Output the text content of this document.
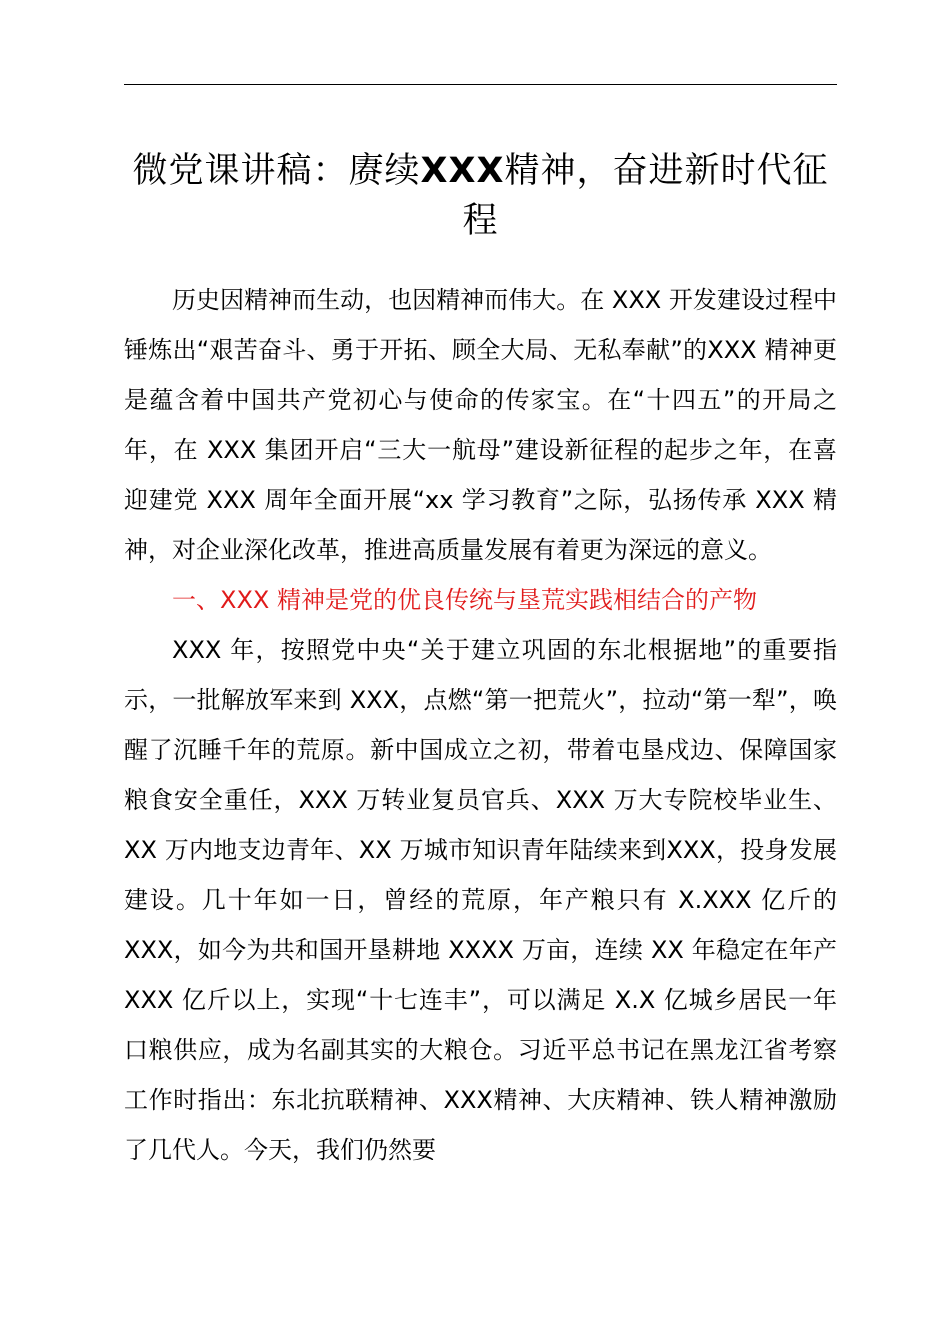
微党课讲稿：赓续XXX精神，奋进新时代征程

历史因精神而生动，也因精神而伟大。在 XXX 开发建设过程中锤炼出“艰苦奋斗、勇于开拓、顾全大局、无私奉献”的XXX 精神更是蕴含着中国共产党初心与使命的传家宝。在“十四五”的开局之年，在 XXX 集团开启“三大一航母”建设新征程的起步之年，在喜迎建党 XXX 周年全面开展“xx 学习教育”之际，弘扬传承 XXX 精神，对企业深化改革，推进高质量发展有着更为深远的意义。

一、XXX 精神是党的优良传统与垦荒实践相结合的产物

XXX 年，按照党中央“关于建立巩固的东北根据地”的重要指示，一批解放军来到 XXX，点燃“第一把荒火”，拉动“第一犁”，唤醒了沉睡千年的荒原。新中国成立之初，带着屯垦戍边、保障国家粮食安全重任，XXX 万转业复员官兵、XXX 万大专院校毕业生、XX 万内地支边青年、XX 万城市知识青年陆续来到XXX，投身发展建设。几十年如一日，曾经的荒原，年产粮只有 X.XXX 亿斤的 XXX，如今为共和国开垦耕地 XXXX 万亩，连续 XX 年稳定在年产 XXX 亿斤以上，实现“十七连丰”，可以满足 X.X 亿城乡居民一年口粮供应，成为名副其实的大粮仓。习近平总书记在黑龙江省考察工作时指出：东北抗联精神、XXX精神、大庆精神、铁人精神激励了几代人。今天，我们仍然要
